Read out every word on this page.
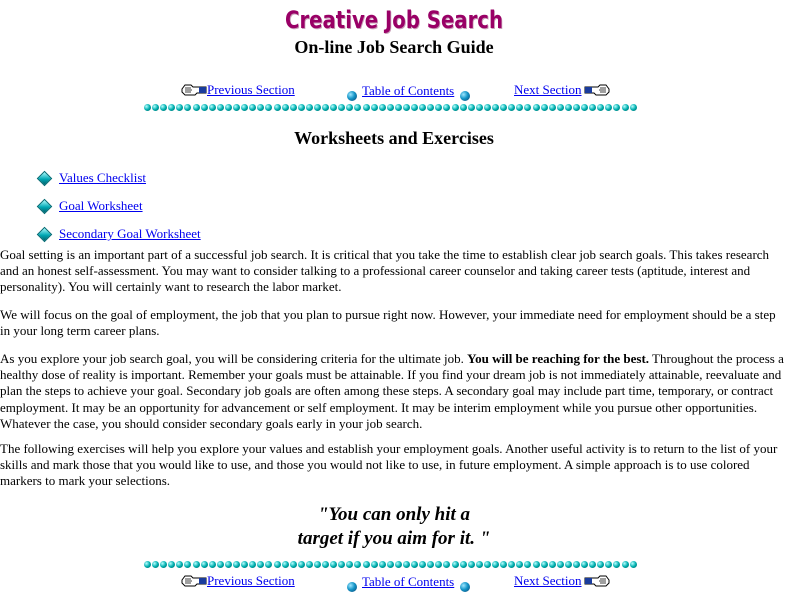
Creative Job Search
On-line Job Search Guide
Previous Section	Table of Contents	Next Section
Worksheets and Exercises
Values Checklist
Goal Worksheet
Secondary Goal Worksheet

Goal setting is an important part of a successful job search. It is critical that you take the time to establish clear job search goals. This takes research and an honest self-assessment. You may want to consider talking to a professional career counselor and taking career tests (aptitude, interest and personality). You will certainly want to research the labor market.

We will focus on the goal of employment, the job that you plan to pursue right now. However, your immediate need for employment should be a step in your long term career plans.

As you explore your job search goal, you will be considering criteria for the ultimate job. You will be reaching for the best. Throughout the process a healthy dose of reality is important. Remember your goals must be attainable. If you find your dream job is not immediately attainable, reevaluate and plan the steps to achieve your goal. Secondary job goals are often among these steps. A secondary goal may include part time, temporary, or contract employment. It may be an opportunity for advancement or self employment. It may be interim employment while you pursue other opportunities. Whatever the case, you should consider secondary goals early in your job search.

The following exercises will help you explore your values and establish your employment goals. Another useful activity is to return to the list of your skills and mark those that you would like to use, and those you would not like to use, in future employment. A simple approach is to use colored markers to mark your selections.

"You can only hit a
target if you aim for it. "
Previous Section	Table of Contents	Next Section
